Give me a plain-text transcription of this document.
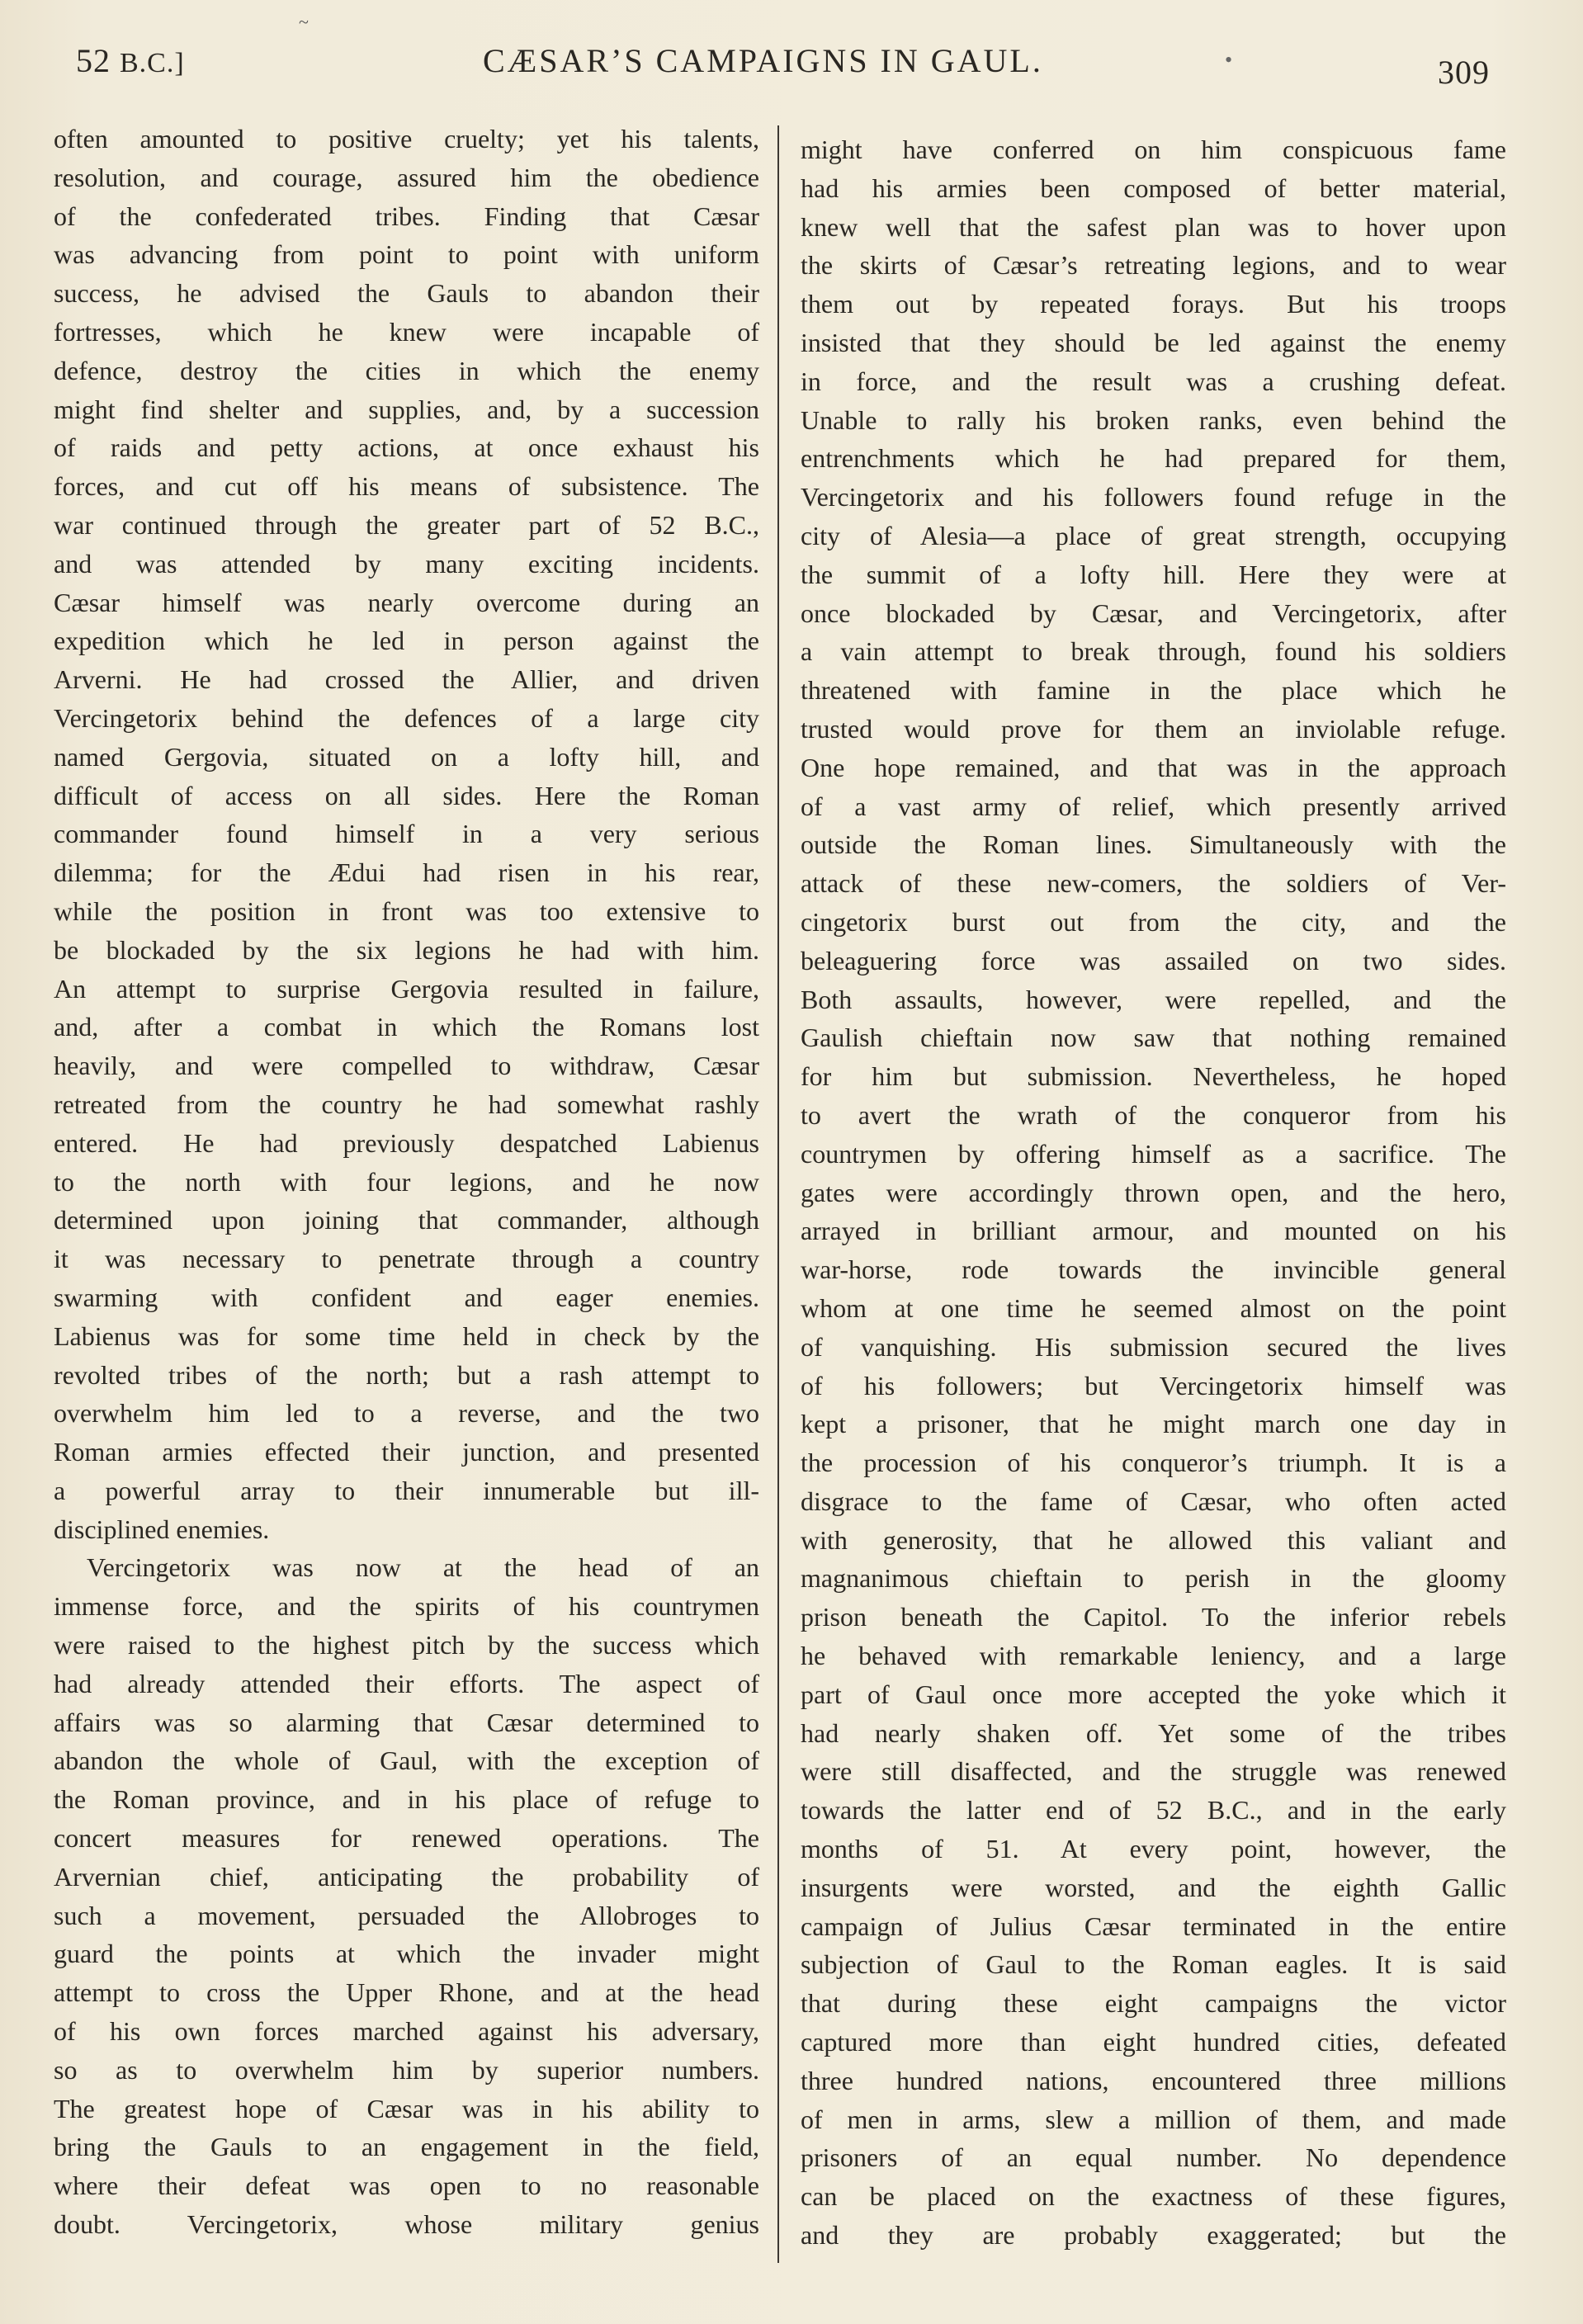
~
52 B.C.]	CÆSAR’S CAMPAIGNS IN GAUL.	•	309
often amounted to positive cruelty; yet his talents,
resolution, and courage, assured him the obedience
of the confederated tribes. Finding that Cæsar
was advancing from point to point with uniform
success, he advised the Gauls to abandon their
fortresses, which he knew were incapable of
defence, destroy the cities in which the enemy
might find shelter and supplies, and, by a succession
of raids and petty actions, at once exhaust his
forces, and cut off his means of subsistence. The
war continued through the greater part of 52 B.C.,
and was attended by many exciting incidents.
Cæsar himself was nearly overcome during an
expedition which he led in person against the
Arverni. He had crossed the Allier, and driven
Vercingetorix behind the defences of a large city
named Gergovia, situated on a lofty hill, and
difficult of access on all sides. Here the Roman
commander found himself in a very serious
dilemma; for the Ædui had risen in his rear,
while the position in front was too extensive to
be blockaded by the six legions he had with him.
An attempt to surprise Gergovia resulted in failure,
and, after a combat in which the Romans lost
heavily, and were compelled to withdraw, Cæsar
retreated from the country he had somewhat rashly
entered. He had previously despatched Labienus
to the north with four legions, and he now
determined upon joining that commander, although
it was necessary to penetrate through a country
swarming with confident and eager enemies.
Labienus was for some time held in check by the
revolted tribes of the north; but a rash attempt to
overwhelm him led to a reverse, and the two
Roman armies effected their junction, and presented
a powerful array to their innumerable but ill-
disciplined enemies.
Vercingetorix was now at the head of an
immense force, and the spirits of his countrymen
were raised to the highest pitch by the success which
had already attended their efforts. The aspect of
affairs was so alarming that Cæsar determined to
abandon the whole of Gaul, with the exception of
the Roman province, and in his place of refuge to
concert measures for renewed operations. The
Arvernian chief, anticipating the probability of
such a movement, persuaded the Allobroges to
guard the points at which the invader might
attempt to cross the Upper Rhone, and at the head
of his own forces marched against his adversary,
so as to overwhelm him by superior numbers.
The greatest hope of Cæsar was in his ability to
bring the Gauls to an engagement in the field,
where their defeat was open to no reasonable
doubt. Vercingetorix, whose military genius
might have conferred on him conspicuous fame
had his armies been composed of better material,
knew well that the safest plan was to hover upon
the skirts of Cæsar’s retreating legions, and to wear
them out by repeated forays. But his troops
insisted that they should be led against the enemy
in force, and the result was a crushing defeat.
Unable to rally his broken ranks, even behind the
entrenchments which he had prepared for them,
Vercingetorix and his followers found refuge in the
city of Alesia—a place of great strength, occupying
the summit of a lofty hill. Here they were at
once blockaded by Cæsar, and Vercingetorix, after
a vain attempt to break through, found his soldiers
threatened with famine in the place which he
trusted would prove for them an inviolable refuge.
One hope remained, and that was in the approach
of a vast army of relief, which presently arrived
outside the Roman lines. Simultaneously with the
attack of these new-comers, the soldiers of Ver-
cingetorix burst out from the city, and the
beleaguering force was assailed on two sides.
Both assaults, however, were repelled, and the
Gaulish chieftain now saw that nothing remained
for him but submission. Nevertheless, he hoped
to avert the wrath of the conqueror from his
countrymen by offering himself as a sacrifice. The
gates were accordingly thrown open, and the hero,
arrayed in brilliant armour, and mounted on his
war-horse, rode towards the invincible general
whom at one time he seemed almost on the point
of vanquishing. His submission secured the lives
of his followers; but Vercingetorix himself was
kept a prisoner, that he might march one day in
the procession of his conqueror’s triumph. It is a
disgrace to the fame of Cæsar, who often acted
with generosity, that he allowed this valiant and
magnanimous chieftain to perish in the gloomy
prison beneath the Capitol. To the inferior rebels
he behaved with remarkable leniency, and a large
part of Gaul once more accepted the yoke which it
had nearly shaken off. Yet some of the tribes
were still disaffected, and the struggle was renewed
towards the latter end of 52 B.C., and in the early
months of 51. At every point, however, the
insurgents were worsted, and the eighth Gallic
campaign of Julius Cæsar terminated in the entire
subjection of Gaul to the Roman eagles. It is said
that during these eight campaigns the victor
captured more than eight hundred cities, defeated
three hundred nations, encountered three millions
of men in arms, slew a million of them, and made
prisoners of an equal number. No dependence
can be placed on the exactness of these figures,
and they are probably exaggerated; but the
